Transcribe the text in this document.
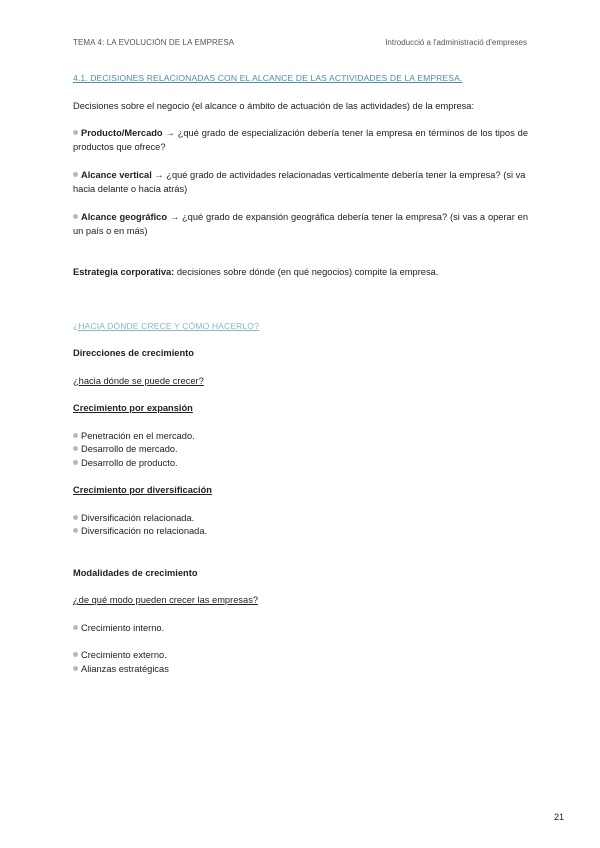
TEMA 4: LA EVOLUCIÓN DE LA EMPRESA	Introducció a l'administració d'empreses

4.1. DECISIONES RELACIONADAS CON EL ALCANCE DE LAS ACTIVIDADES DE LA EMPRESA.

Decisiones sobre el negocio (el alcance o ámbito de actuación de las actividades) de la empresa:

Producto/Mercado → ¿qué grado de especialización debería tener la empresa en términos de los tipos de productos que ofrece?

Alcance vertical → ¿qué grado de actividades relacionadas verticalmente debería tener la empresa? (si va hacia delante o hacia atrás)

Alcance geográfico → ¿qué grado de expansión geográfica debería tener la empresa? (si vas a operar en un país o en más)

Estrategia corporativa: decisiones sobre dónde (en qué negocios) compite la empresa.

¿HACIA DÓNDE CRECE Y CÓMO HACERLO?

Direcciones de crecimiento

¿hacia dónde se puede crecer?

Crecimiento por expansión

Penetración en el mercado.

Desarrollo de mercado.

Desarrollo de producto.

Crecimiento por diversificación

Diversificación relacionada.

Diversificación no relacionada.

Modalidades de crecimiento

¿de qué modo pueden crecer las empresas?

Crecimiento interno.

Crecimiento externo.

Alianzas estratégicas

21
